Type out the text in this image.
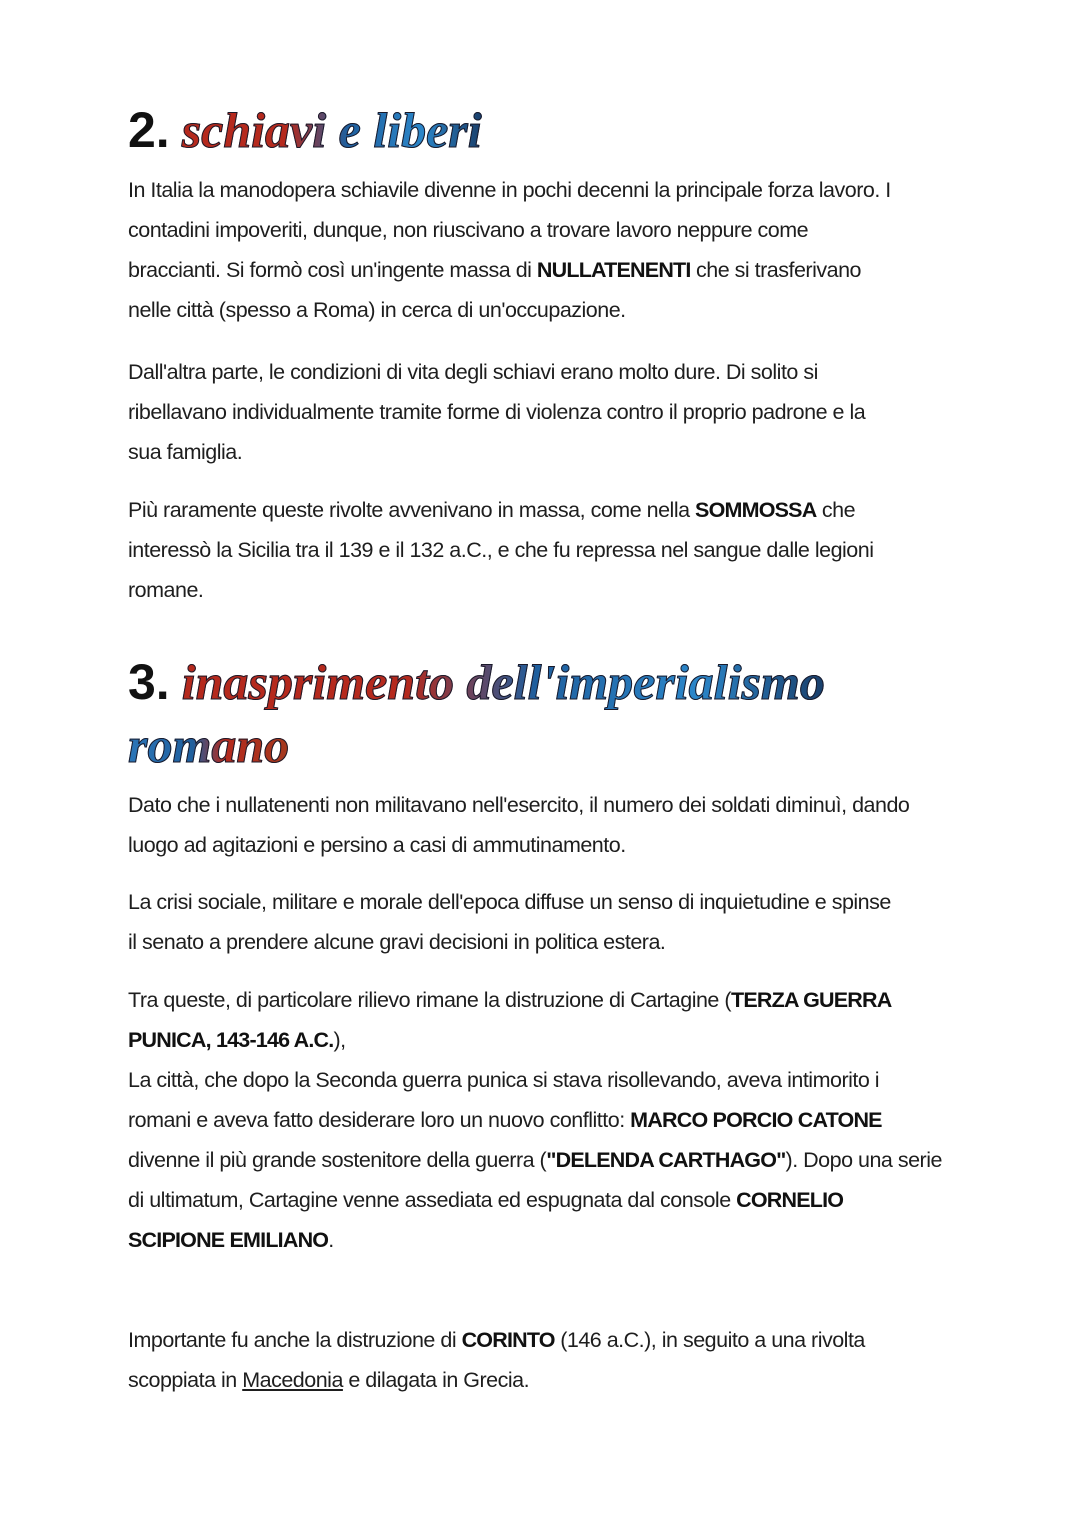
2. schiavi e liberi
In Italia la manodopera schiavile divenne in pochi decenni la principale forza lavoro. I
contadini impoveriti, dunque, non riuscivano a trovare lavoro neppure come
braccianti. Si formò così un'ingente massa di NULLATENENTI che si trasferivano
nelle città (spesso a Roma) in cerca di un'occupazione.
Dall'altra parte, le condizioni di vita degli schiavi erano molto dure. Di solito si
ribellavano individualmente tramite forme di violenza contro il proprio padrone e la
sua famiglia.
Più raramente queste rivolte avvenivano in massa, come nella SOMMOSSA che
interessò la Sicilia tra il 139 e il 132 a.C., e che fu repressa nel sangue dalle legioni
romane.
3. inasprimento dell'imperialismo
romano
Dato che i nullatenenti non militavano nell'esercito, il numero dei soldati diminuì, dando
luogo ad agitazioni e persino a casi di ammutinamento.
La crisi sociale, militare e morale dell'epoca diffuse un senso di inquietudine e spinse
il senato a prendere alcune gravi decisioni in politica estera.
Tra queste, di particolare rilievo rimane la distruzione di Cartagine (TERZA GUERRA
PUNICA, 143-146 A.C.),
La città, che dopo la Seconda guerra punica si stava risollevando, aveva intimorito i
romani e aveva fatto desiderare loro un nuovo conflitto: MARCO PORCIO CATONE
divenne il più grande sostenitore della guerra ("DELENDA CARTHAGO"). Dopo una serie
di ultimatum, Cartagine venne assediata ed espugnata dal console CORNELIO
SCIPIONE EMILIANO.
Importante fu anche la distruzione di CORINTO (146 a.C.), in seguito a una rivolta
scoppiata in Macedonia e dilagata in Grecia.
